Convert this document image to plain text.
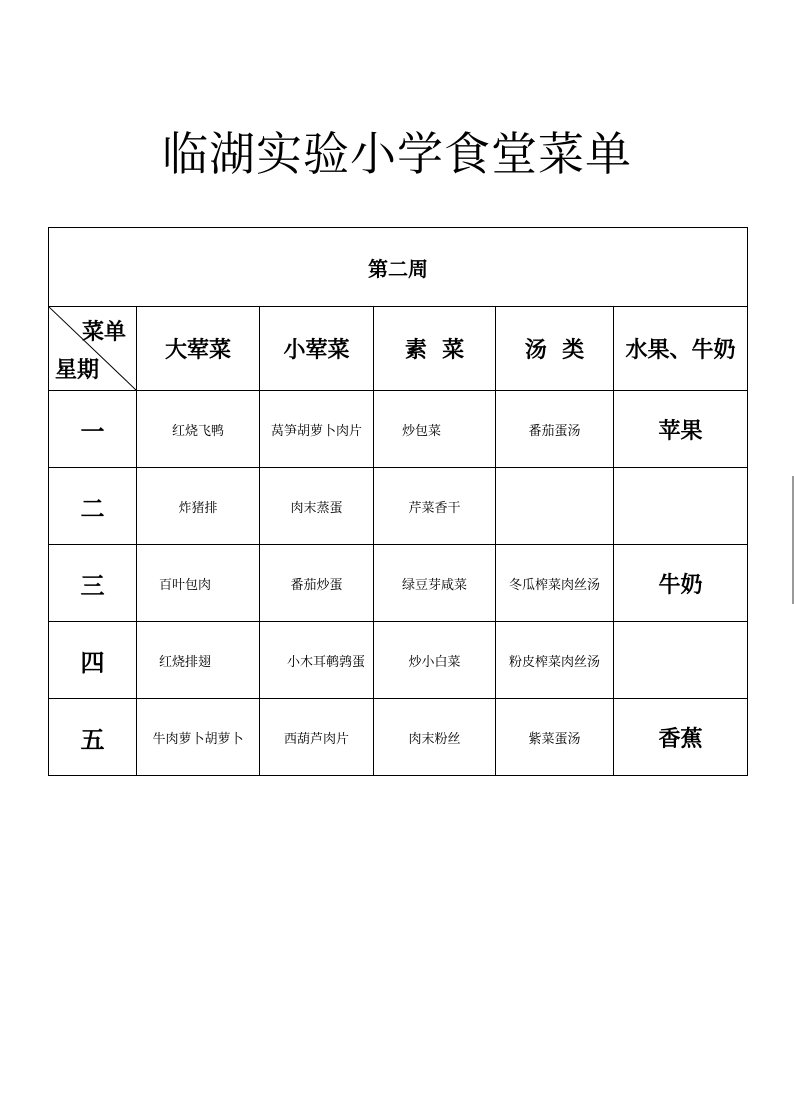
临湖实验小学食堂菜单
第二周					

菜单
星期	大荤菜	小荤菜	素  菜	汤  类	水果、牛奶
一	红烧飞鸭	莴笋胡萝卜肉片	炒包菜	番茄蛋汤	苹果
二	炸猪排	肉末蒸蛋	芹菜香干		
三	百叶包肉	番茄炒蛋	绿豆芽咸菜	冬瓜榨菜肉丝汤	牛奶
四	红烧排翅	小木耳鹌鹑蛋	炒小白菜	粉皮榨菜肉丝汤	
五	牛肉萝卜胡萝卜	西葫芦肉片	肉末粉丝	紫菜蛋汤	香蕉
